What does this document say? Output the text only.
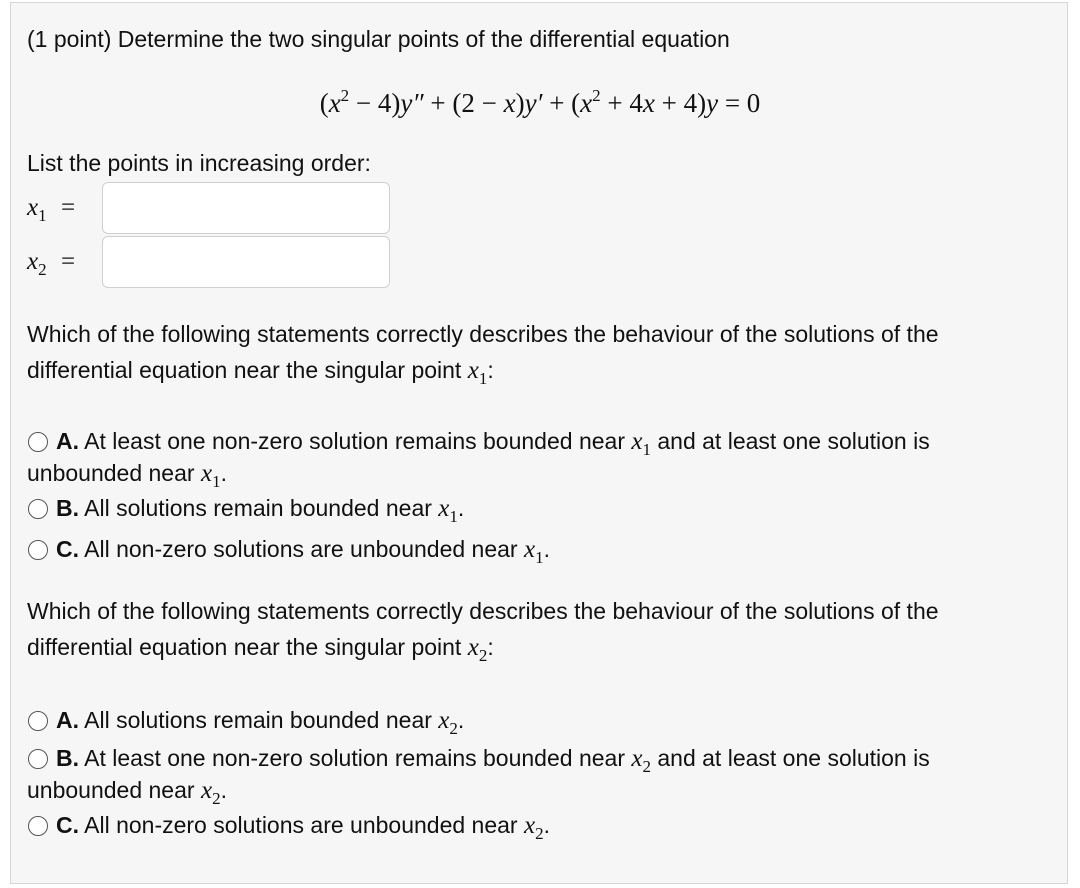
(1 point) Determine the two singular points of the differential equation
$(x^2 - 4)y'' + (2 - x)y' + (x^2 + 4x + 4)y = 0$
List the points in increasing order:
$x_1$ =
$x_2$ =
Which of the following statements correctly describes the behaviour of the solutions of the
differential equation near the singular point $x_1$:
A. At least one non-zero solution remains bounded near $x_1$ and at least one solution is
unbounded near $x_1$.
B. All solutions remain bounded near $x_1$.
C. All non-zero solutions are unbounded near $x_1$.
Which of the following statements correctly describes the behaviour of the solutions of the
differential equation near the singular point $x_2$:
A. All solutions remain bounded near $x_2$.
B. At least one non-zero solution remains bounded near $x_2$ and at least one solution is
unbounded near $x_2$.
C. All non-zero solutions are unbounded near $x_2$.
